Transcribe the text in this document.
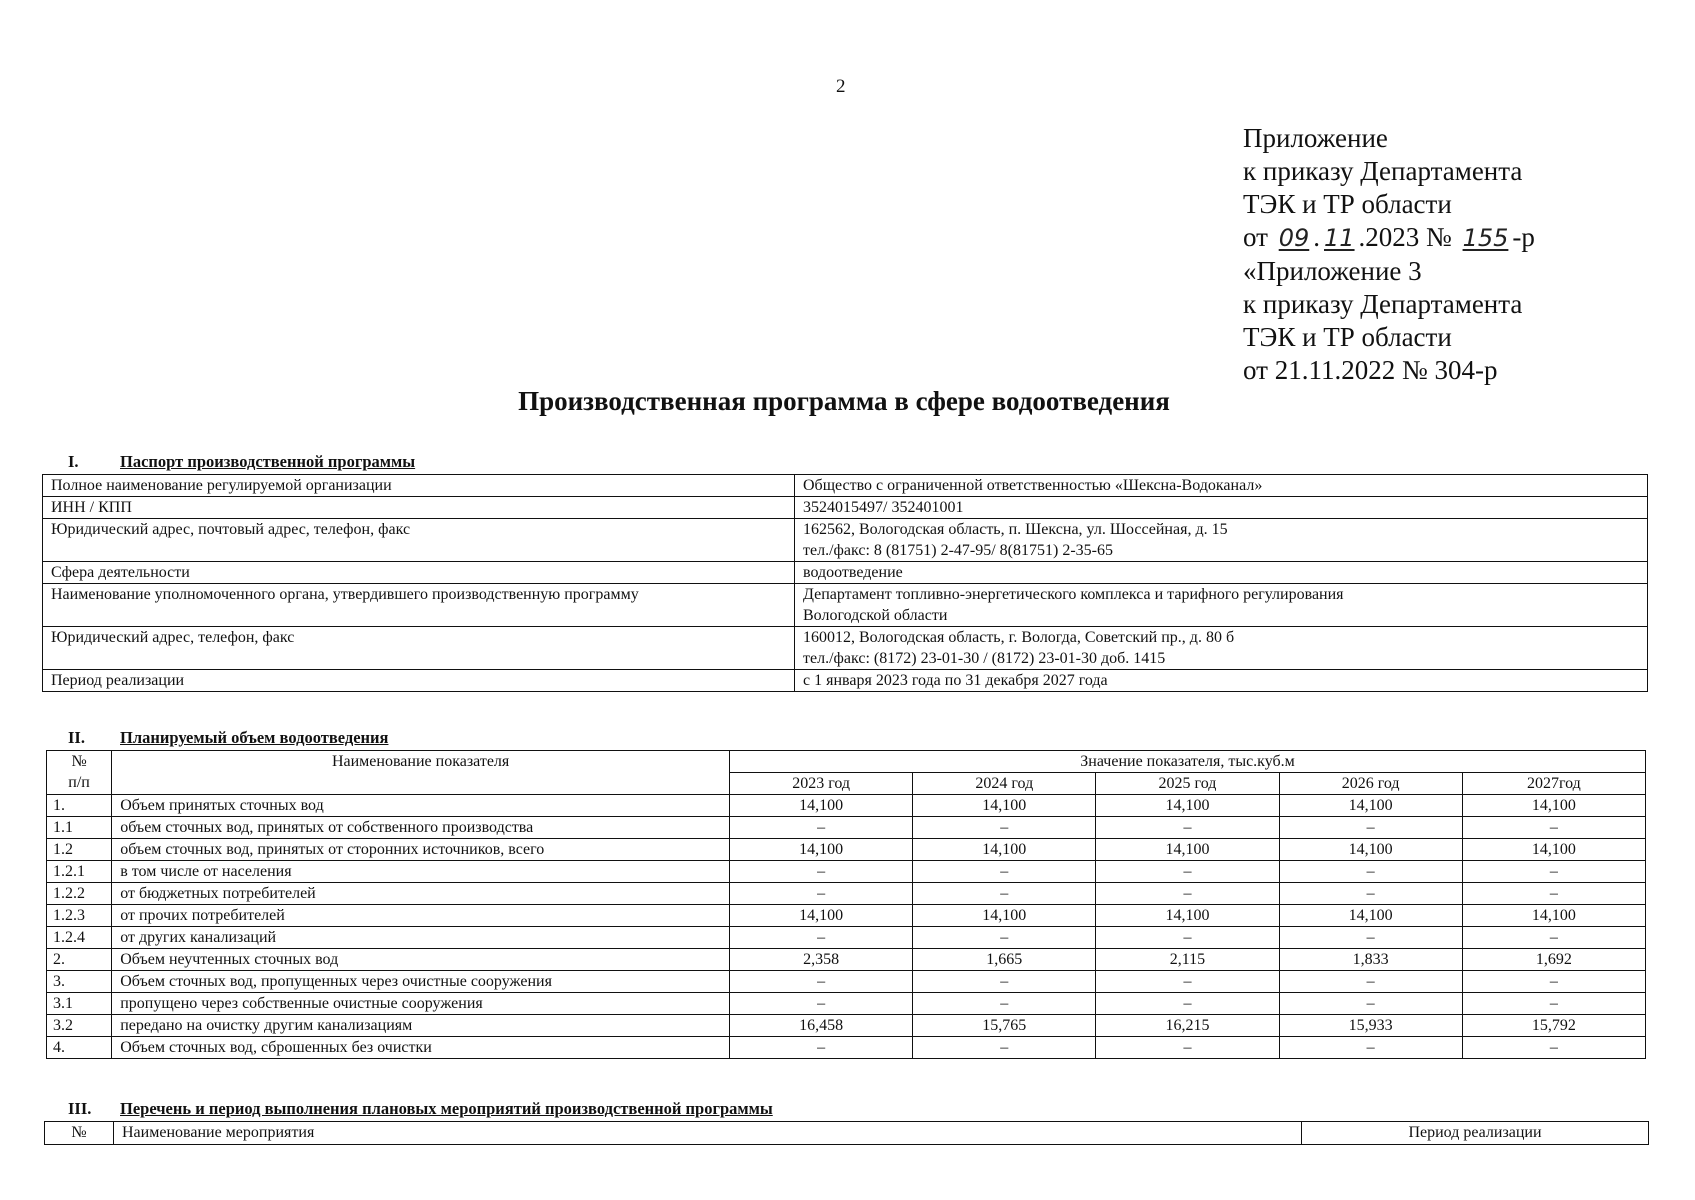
2
Приложение
к приказу Департамента
ТЭК и ТР области
от 09 . 11 .2023 № 155 -р
«Приложение 3
к приказу Департамента
ТЭК и ТР области
от 21.11.2022 № 304-р
Производственная программа в сфере водоотведения
I.	Паспорт производственной программы
Полное наименование регулируемой организации	Общество с ограниченной ответственностью «Шексна-Водоканал»
ИНН / КПП	3524015497/ 352401001
Юридический адрес, почтовый адрес, телефон, факс	162562, Вологодская область, п. Шексна, ул. Шоссейная, д. 15
тел./факс: 8 (81751) 2-47-95/ 8(81751) 2-35-65

Сфера деятельности	водоотведение
Наименование уполномоченного органа, утвердившего производственную программу	Департамент топливно-энергетического комплекса и тарифного регулирования
Вологодской области

Юридический адрес, телефон, факс	160012, Вологодская область, г. Вологда, Советский пр., д. 80 б
тел./факс: (8172) 23-01-30 / (8172) 23-01-30 доб. 1415

Период реализации	с 1 января 2023 года по 31 декабря 2027 года
II. Планируемый объем водоотведения
№
п/п	Наименование показателя	Значение показателя, тыс.куб.м				
		2023 год	2024 год	2025 год	2026 год	2027год
1.	Объем принятых сточных вод	14,100	14,100	14,100	14,100	14,100
1.1	объем сточных вод, принятых от собственного производства	–	–	–	–	–
1.2	объем сточных вод, принятых от сторонних источников, всего	14,100	14,100	14,100	14,100	14,100
1.2.1	в том числе от населения	–	–	–	–	–
1.2.2	от бюджетных потребителей	–	–	–	–	–
1.2.3	от прочих потребителей	14,100	14,100	14,100	14,100	14,100
1.2.4	от других канализаций	–	–	–	–	–
2.	Объем неучтенных сточных вод	2,358	1,665	2,115	1,833	1,692
3.	Объем сточных вод, пропущенных через очистные сооружения	–	–	–	–	–
3.1	пропущено через собственные очистные сооружения	–	–	–	–	–
3.2	передано на очистку другим канализациям	16,458	15,765	16,215	15,933	15,792
4.	Объем сточных вод, сброшенных без очистки	–	–	–	–	–
III. Перечень и период выполнения плановых мероприятий производственной программы
№	Наименование мероприятия	Период реализации
